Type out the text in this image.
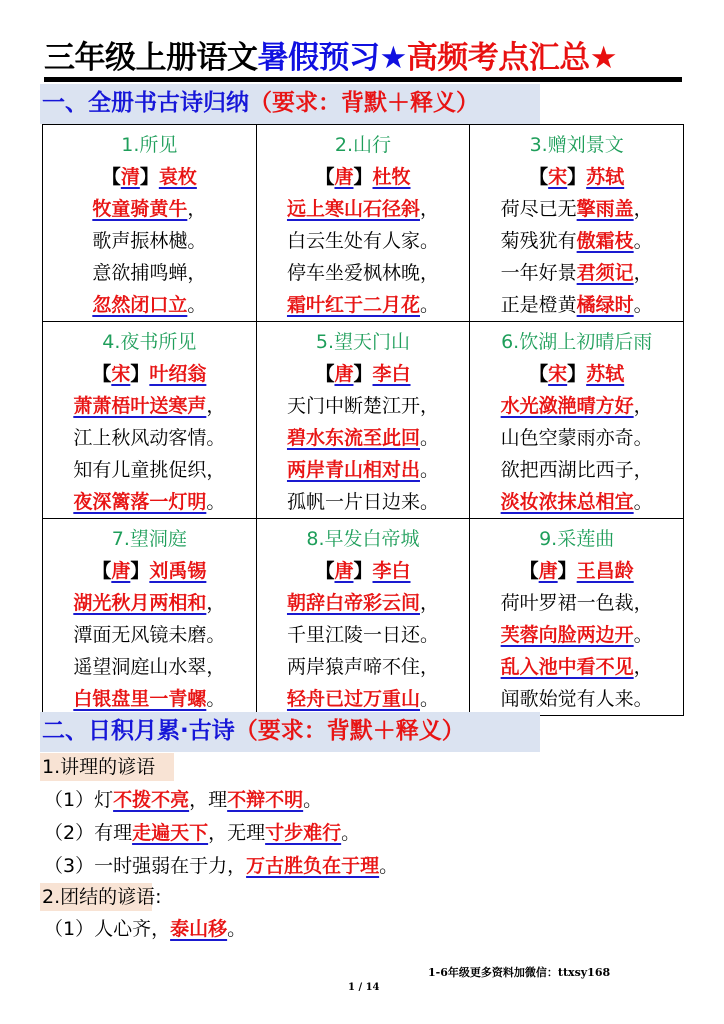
三年级上册语文暑假预习★高频考点汇总★
一、全册书古诗归纳（要求：背默＋释义）
1.所见
【清】袁枚
牧童骑黄牛，
歌声振林樾。
意欲捕鸣蝉，
忽然闭口立。

2.山行
【唐】杜牧
远上寒山石径斜，
白云生处有人家。
停车坐爱枫林晚，
霜叶红于二月花。

3.赠刘景文
【宋】苏轼
荷尽已无擎雨盖，
菊残犹有傲霜枝。
一年好景君须记，
正是橙黄橘绿时。

4.夜书所见
【宋】叶绍翁
萧萧梧叶送寒声，
江上秋风动客情。
知有儿童挑促织，
夜深篱落一灯明。

5.望天门山
【唐】李白
天门中断楚江开，
碧水东流至此回。
两岸青山相对出。
孤帆一片日边来。

6.饮湖上初晴后雨
【宋】苏轼
水光潋滟晴方好，
山色空蒙雨亦奇。
欲把西湖比西子，
淡妆浓抹总相宜。

7.望洞庭
【唐】刘禹锡
湖光秋月两相和，
潭面无风镜未磨。
遥望洞庭山水翠，
白银盘里一青螺。

8.早发白帝城
【唐】李白
朝辞白帝彩云间，
千里江陵一日还。
两岸猿声啼不住，
轻舟已过万重山。

9.采莲曲
【唐】王昌龄
荷叶罗裙一色裁，
芙蓉向脸两边开。
乱入池中看不见，
闻歌始觉有人来。
二、日积月累·古诗（要求：背默＋释义）
1.讲理的谚语
（1）灯不拨不亮，理不辩不明。
（2）有理走遍天下，无理寸步难行。
（3）一时强弱在于力，万古胜负在于理。
2.团结的谚语:
（1）人心齐，泰山移。
1-6年级更多资料加微信：ttxsy168
1 / 14
